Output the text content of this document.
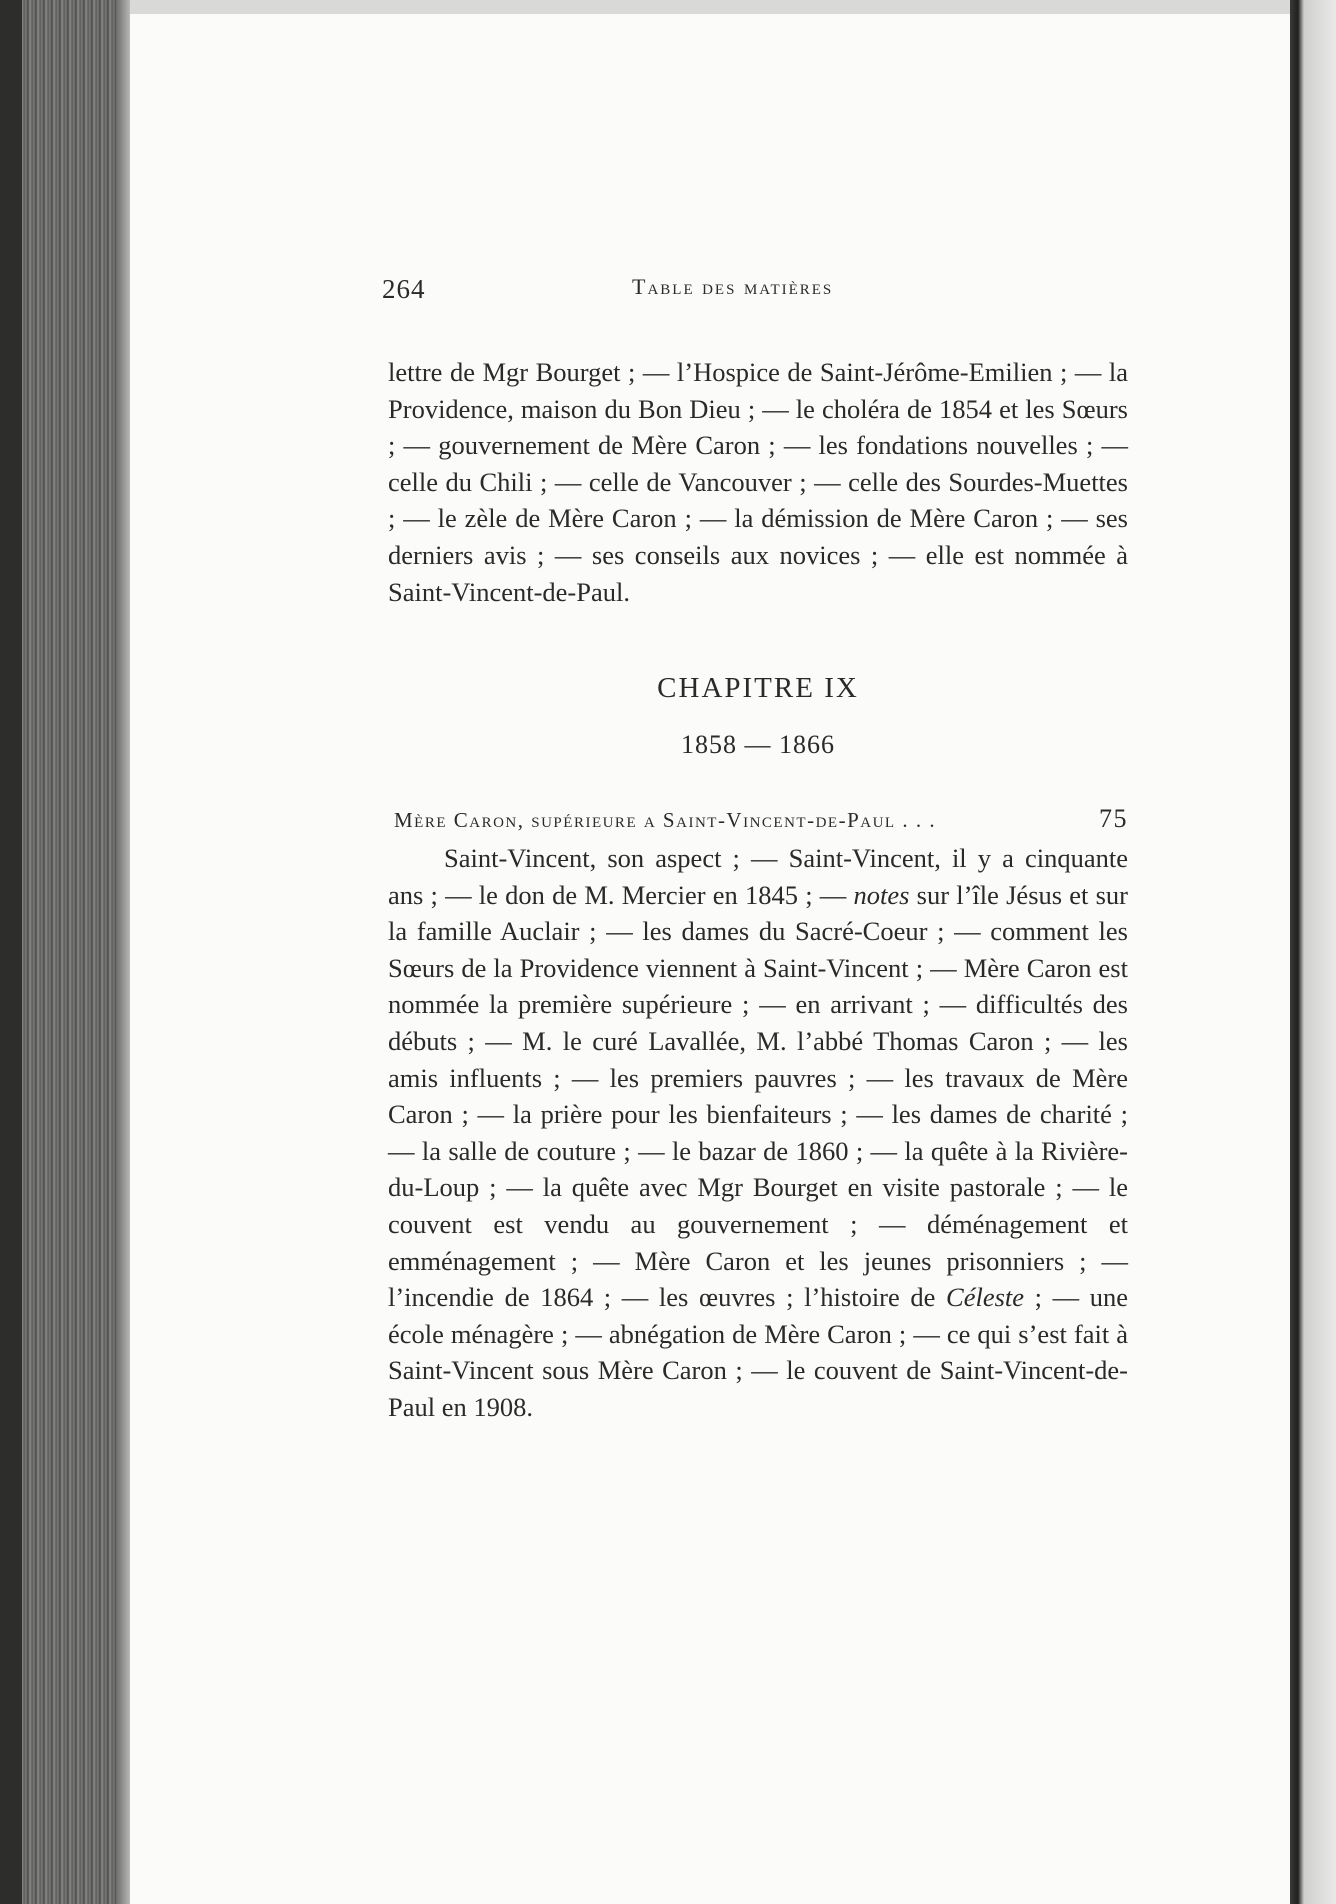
264	Table des matières
lettre de Mgr Bourget ; — l’Hospice de Saint-Jérôme-Emilien ; — la Providence, maison du Bon Dieu ; — le choléra de 1854 et les Sœurs ; — gouvernement de Mère Caron ; — les fondations nouvelles ; — celle du Chili ; — celle de Vancouver ; — celle des Sourdes-Muettes ; — le zèle de Mère Caron ; — la démission de Mère Caron ; — ses derniers avis ; — ses conseils aux novices ; — elle est nommée à Saint-Vincent-de-Paul.
CHAPITRE IX
1858 — 1866
Mère Caron, supérieure a Saint-Vincent-de-Paul . . .	75
Saint-Vincent, son aspect ; — Saint-Vincent, il y a cinquante ans ; — le don de M. Mercier en 1845 ; — notes sur l’île Jésus et sur la famille Auclair ; — les dames du Sacré-Coeur ; — comment les Sœurs de la Providence viennent à Saint-Vincent ; — Mère Caron est nommée la première supérieure ; — en arrivant ; — difficultés des débuts ; — M. le curé Lavallée, M. l’abbé Thomas Caron ; — les amis influents ; — les premiers pauvres ; — les travaux de Mère Caron ; — la prière pour les bienfaiteurs ; — les dames de charité ; — la salle de couture ; — le bazar de 1860 ; — la quête à la Rivière-du-Loup ; — la quête avec Mgr Bourget en visite pastorale ; — le couvent est vendu au gouvernement ; — déménagement et emménagement ; — Mère Caron et les jeunes prisonniers ; — l’incendie de 1864 ; — les œuvres ; l’histoire de Céleste ; — une école ménagère ; — abnégation de Mère Caron ; — ce qui s’est fait à Saint-Vincent sous Mère Caron ; — le couvent de Saint-Vincent-de-Paul en 1908.
